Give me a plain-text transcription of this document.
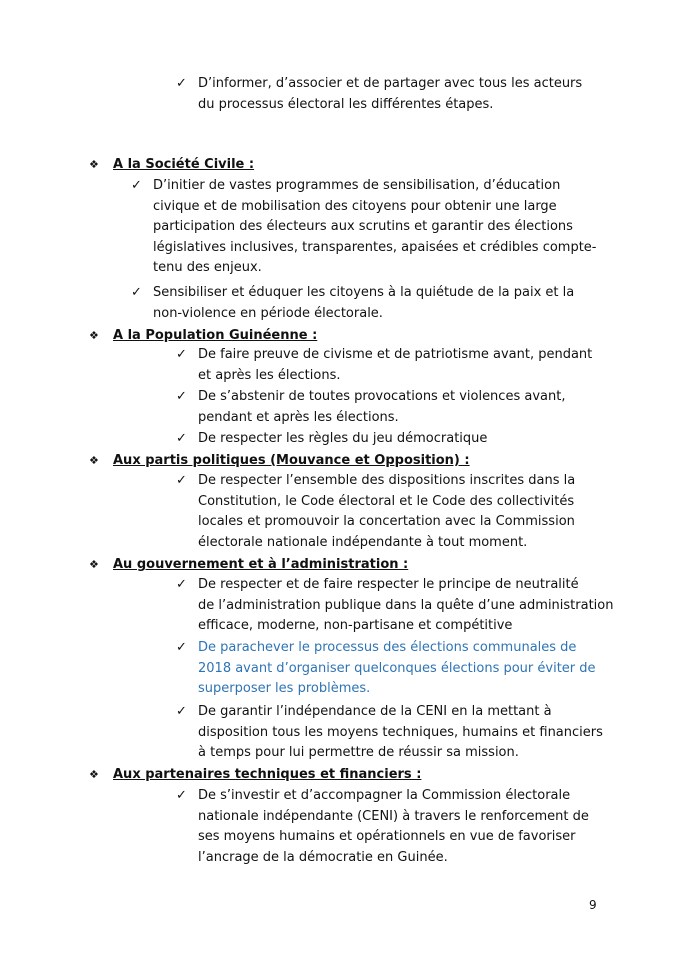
✓ D’informer, d’associer et de partager avec tous les acteurs
du processus électoral les différentes étapes.
❖	A la Société Civile :
✓ D’initier de vastes programmes de sensibilisation, d’éducation
civique et de mobilisation des citoyens pour obtenir une large
participation des électeurs aux scrutins et garantir des élections
législatives inclusives, transparentes, apaisées et crédibles compte-
tenu des enjeux.
✓ Sensibiliser et éduquer les citoyens à la quiétude de la paix et la
non-violence en période électorale.
❖	A la Population Guinéenne :
✓ De faire preuve de civisme et de patriotisme avant, pendant
et après les élections.
✓ De s’abstenir de toutes provocations et violences avant,
pendant et après les élections.
✓ De respecter les règles du jeu démocratique
❖	Aux partis politiques (Mouvance et Opposition) :
✓ De respecter l’ensemble des dispositions inscrites dans la
Constitution, le Code électoral et le Code des collectivités
locales et promouvoir la concertation avec la Commission
électorale nationale indépendante à tout moment.
❖	Au gouvernement et à l’administration :
✓ De respecter et de faire respecter le principe de neutralité
de l’administration publique dans la quête d’une administration
efficace, moderne, non-partisane et compétitive
✓ De parachever le processus des élections communales de
2018 avant d’organiser quelconques élections pour éviter de
superposer les problèmes.
✓ De garantir l’indépendance de la CENI en la mettant à
disposition tous les moyens techniques, humains et financiers
à temps pour lui permettre de réussir sa mission.
❖	Aux partenaires techniques et financiers :
✓ De s’investir et d’accompagner la Commission électorale
nationale indépendante (CENI) à travers le renforcement de
ses moyens humains et opérationnels en vue de favoriser
l’ancrage de la démocratie en Guinée.
9
